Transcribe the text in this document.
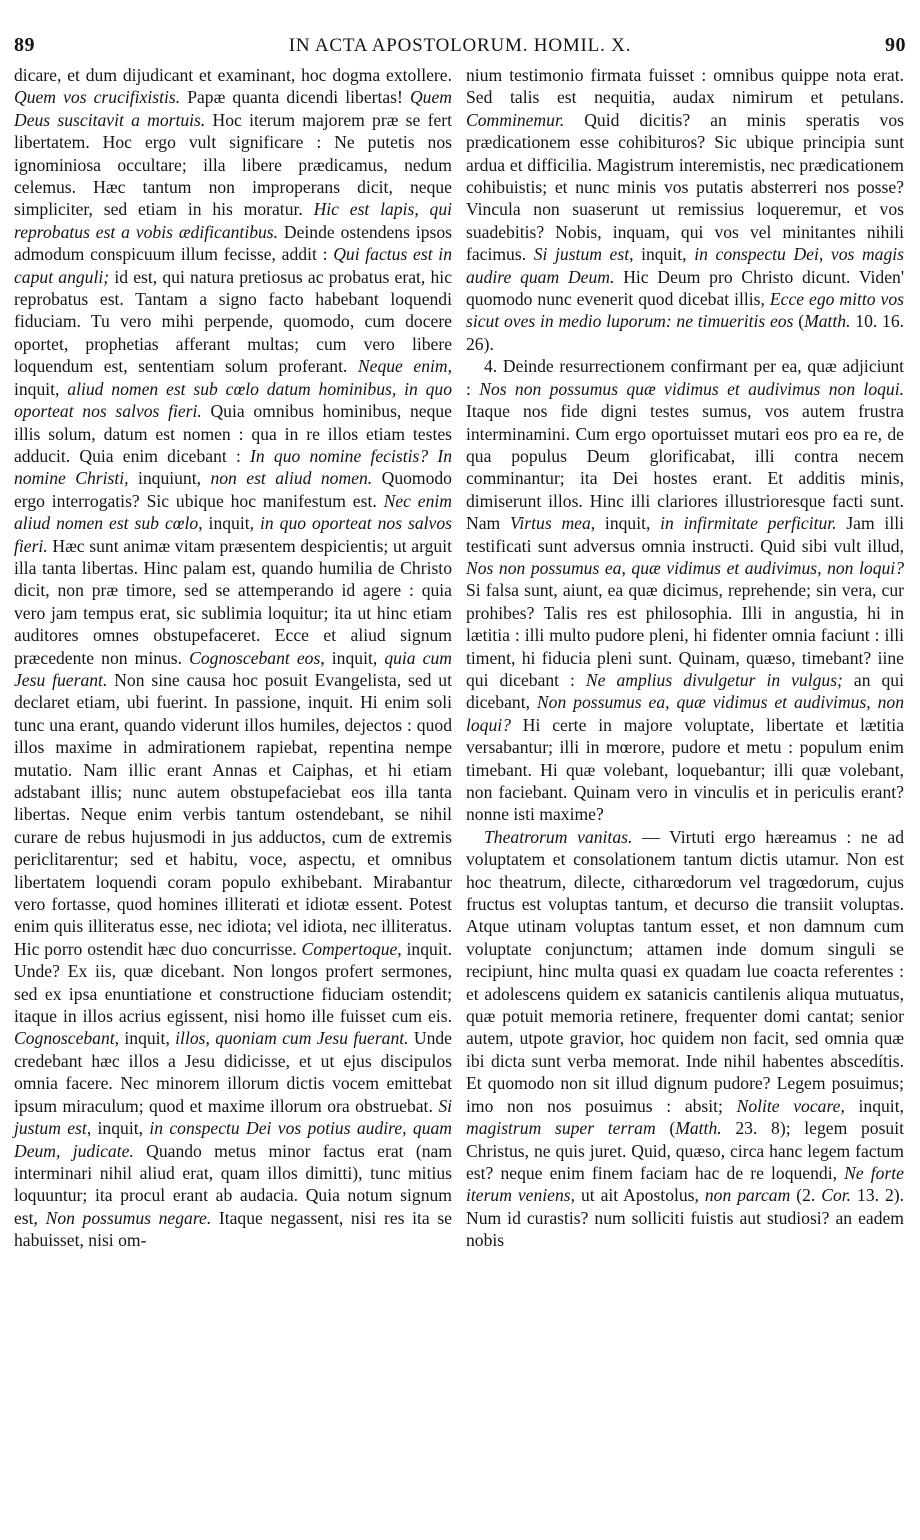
89	IN ACTA APOSTOLORUM. HOMIL. X.	90

dicare, et dum dijudicant et examinant, hoc dogma extollere. Quem vos crucifixistis. Papæ quanta dicendi libertas! Quem Deus suscitavit a mortuis. Hoc iterum majorem præ se fert libertatem. Hoc ergo vult significare : Ne putetis nos ignominiosa occultare; illa libere prædicamus, nedum celemus. Hæc tantum non improperans dicit, neque simpliciter, sed etiam in his moratur. Hic est lapis, qui reprobatus est a vobis ædificantibus. Deinde ostendens ipsos admodum conspicuum illum fecisse, addit : Qui factus est in caput anguli; id est, qui natura pretiosus ac probatus erat, hic reprobatus est. Tantam a signo facto habebant loquendi fiduciam. Tu vero mihi perpende, quomodo, cum docere oportet, prophetias afferant multas; cum vero libere loquendum est, sententiam solum proferant. Neque enim, inquit, aliud nomen est sub cœlo datum hominibus, in quo oporteat nos salvos fieri. Quia omnibus hominibus, neque illis solum, datum est nomen : qua in re illos etiam testes adducit. Quia enim dicebant : In quo nomine fecistis? In nomine Christi, inquiunt, non est aliud nomen. Quomodo ergo interrogatis? Sic ubique hoc manifestum est. Nec enim aliud nomen est sub cœlo, inquit, in quo oporteat nos salvos fieri. Hæc sunt animæ vitam præsentem despicientis; ut arguit illa tanta libertas. Hinc palam est, quando humilia de Christo dicit, non præ timore, sed se attemperando id agere : quia vero jam tempus erat, sic sublimia loquitur; ita ut hinc etiam auditores omnes obstupefaceret. Ecce et aliud signum præcedente non minus. Cognoscebant eos, inquit, quia cum Jesu fuerant. Non sine causa hoc posuit Evangelista, sed ut declaret etiam, ubi fuerint. In passione, inquit. Hi enim soli tunc una erant, quando viderunt illos humiles, dejectos : quod illos maxime in admirationem rapiebat, repentina nempe mutatio. Nam illic erant Annas et Caiphas, et hi etiam adstabant illis; nunc autem obstupefaciebat eos illa tanta libertas. Neque enim verbis tantum ostendebant, se nihil curare de rebus hujusmodi in jus adductos, cum de extremis periclitarentur; sed et habitu, voce, aspectu, et omnibus libertatem loquendi coram populo exhibebant. Mirabantur vero fortasse, quod homines illiterati et idiotæ essent. Potest enim quis illiteratus esse, nec idiota; vel idiota, nec illiteratus. Hic porro ostendit hæc duo concurrisse. Compertoque, inquit. Unde? Ex iis, quæ dicebant. Non longos profert sermones, sed ex ipsa enuntiatione et constructione fiduciam ostendit; itaque in illos acrius egissent, nisi homo ille fuisset cum eis. Cognoscebant, inquit, illos, quoniam cum Jesu fuerant. Unde credebant hæc illos a Jesu didicisse, et ut ejus discipulos omnia facere. Nec minorem illorum dictis vocem emittebat ipsum miraculum; quod et maxime illorum ora obstruebat. Si justum est, inquit, in conspectu Dei vos potius audire, quam Deum, judicate. Quando metus minor factus erat (nam interminari nihil aliud erat, quam illos dimitti), tunc mitius loquuntur; ita procul erant ab audacia. Quia notum signum est, Non possumus negare. Itaque negassent, nisi res ita se habuisset, nisi om-

nium testimonio firmata fuisset : omnibus quippe nota erat. Sed talis est nequitia, audax nimirum et petulans. Comminemur. Quid dicitis? an minis speratis vos prædicationem esse cohibituros? Sic ubique principia sunt ardua et difficilia. Magistrum interemistis, nec prædicationem cohibuistis; et nunc minis vos putatis absterreri nos posse? Vincula non suaserunt ut remissius loqueremur, et vos suadebitis? Nobis, inquam, qui vos vel minitantes nihili facimus. Si justum est, inquit, in conspectu Dei, vos magis audire quam Deum. Hic Deum pro Christo dicunt. Viden' quomodo nunc evenerit quod dicebat illis, Ecce ego mitto vos sicut oves in medio luporum: ne timueritis eos (Matth. 10. 16. 26).

4. Deinde resurrectionem confirmant per ea, quæ adjiciunt : Nos non possumus quæ vidimus et audivimus non loqui. Itaque nos fide digni testes sumus, vos autem frustra interminamini. Cum ergo oportuisset mutari eos pro ea re, de qua populus Deum glorificabat, illi contra necem comminantur; ita Dei hostes erant. Et additis minis, dimiserunt illos. Hinc illi clariores illustrioresque facti sunt. Nam Virtus mea, inquit, in infirmitate perficitur. Jam illi testificati sunt adversus omnia instructi. Quid sibi vult illud, Nos non possumus ea, quæ vidimus et audivimus, non loqui? Si falsa sunt, aiunt, ea quæ dicimus, reprehende; sin vera, cur prohibes? Talis res est philosophia. Illi in angustia, hi in lætitia : illi multo pudore pleni, hi fidenter omnia faciunt : illi timent, hi fiducia pleni sunt. Quinam, quæso, timebant? iine qui dicebant : Ne amplius divulgetur in vulgus; an qui dicebant, Non possumus ea, quæ vidimus et audivimus, non loqui? Hi certe in majore voluptate, libertate et lætitia versabantur; illi in mœrore, pudore et metu : populum enim timebant. Hi quæ volebant, loquebantur; illi quæ volebant, non faciebant. Quinam vero in vinculis et in periculis erant? nonne isti maxime?

Theatrorum vanitas. — Virtuti ergo hæreamus : ne ad voluptatem et consolationem tantum dictis utamur. Non est hoc theatrum, dilecte, citharœdorum vel tragœdorum, cujus fructus est voluptas tantum, et decurso die transiit voluptas. Atque utinam voluptas tantum esset, et non damnum cum voluptate conjunctum; attamen inde domum singuli se recipiunt, hinc multa quasi ex quadam lue coacta referentes : et adolescens quidem ex satanicis cantilenis aliqua mutuatus, quæ potuit memoria retinere, frequenter domi cantat; senior autem, utpote gravior, hoc quidem non facit, sed omnia quæ ibi dicta sunt verba memorat. Inde nihil habentes abscedítis. Et quomodo non sit illud dignum pudore? Legem posuimus; imo non nos posuimus : absit; Nolite vocare, inquit, magistrum super terram (Matth. 23. 8); legem posuit Christus, ne quis juret. Quid, quæso, circa hanc legem factum est? neque enim finem faciam hac de re loquendi, Ne forte iterum veniens, ut ait Apostolus, non parcam (2. Cor. 13. 2). Num id curastis? num solliciti fuistis aut studiosi? an eadem nobis
